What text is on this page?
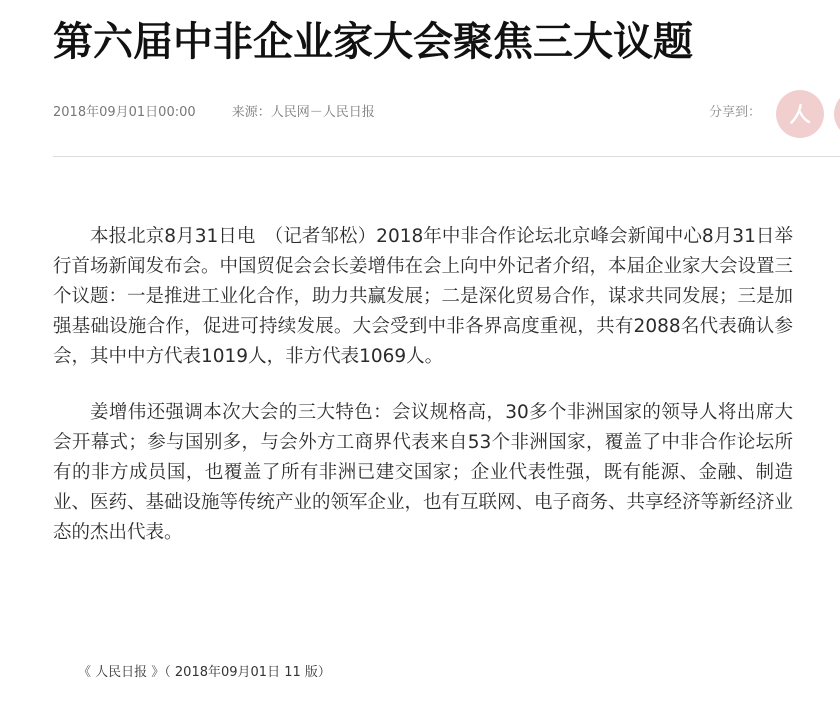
第六届中非企业家大会聚焦三大议题
2018年09月01日00:00	来源：人民网－人民日报	分享到：

本报北京8月31日电　（记者邹松）2018年中非合作论坛北京峰会新闻中心8月31日举行首场新闻发布会。中国贸促会会长姜增伟在会上向中外记者介绍，本届企业家大会设置三个议题：一是推进工业化合作，助力共赢发展；二是深化贸易合作，谋求共同发展；三是加强基础设施合作，促进可持续发展。大会受到中非各界高度重视，共有2088名代表确认参会，其中中方代表1019人，非方代表1069人。

姜增伟还强调本次大会的三大特色：会议规格高，30多个非洲国家的领导人将出席大会开幕式；参与国别多，与会外方工商界代表来自53个非洲国家，覆盖了中非合作论坛所有的非方成员国，也覆盖了所有非洲已建交国家；企业代表性强，既有能源、金融、制造业、医药、基础设施等传统产业的领军企业，也有互联网、电子商务、共享经济等新经济业态的杰出代表。

《 人民日报 》（ 2018年09月01日 11 版）
